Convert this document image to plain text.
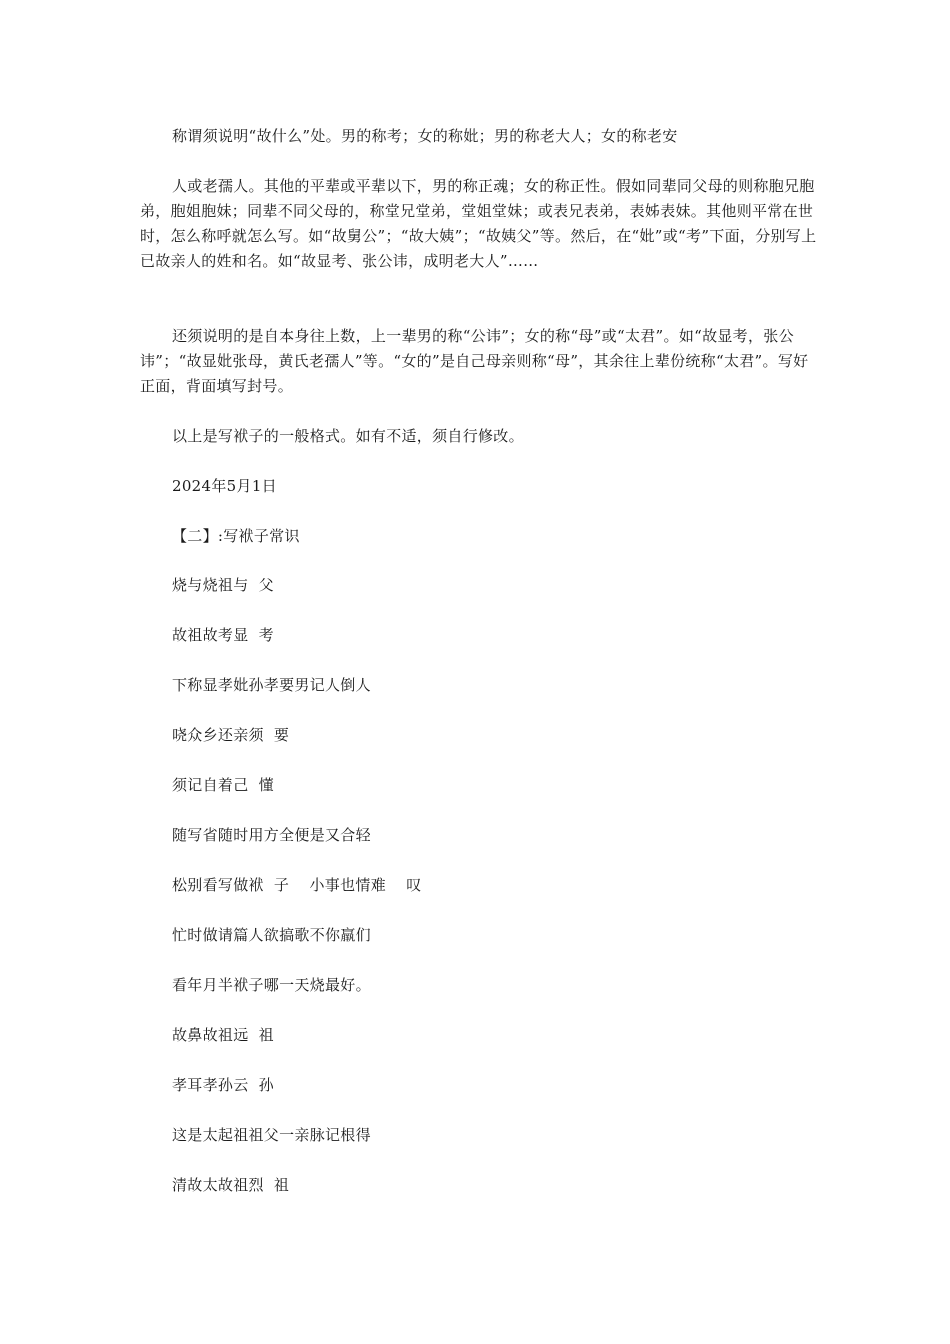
称谓须说明“故什么”处。男的称考；女的称妣；男的称老大人；女的称老安

人或老孺人。其他的平辈或平辈以下，男的称正魂；女的称正性。假如同辈同父母的则称胞兄胞弟，胞姐胞妹；同辈不同父母的，称堂兄堂弟，堂姐堂妹；或表兄表弟，表姊表妹。其他则平常在世时，怎么称呼就怎么写。如“故舅公”；“故大姨”；“故姨父”等。然后，在“妣”或“考”下面，分别写上已故亲人的姓和名。如“故显考、张公讳，成明老大人”……

还须说明的是自本身往上数，上一辈男的称“公讳”；女的称“母”或“太君”。如“故显考，张公讳”；“故显妣张母，黄氏老孺人”等。“女的”是自己母亲则称“母”，其余往上辈份统称“太君”。写好正面，背面填写封号。

以上是写袱子的一般格式。如有不适，须自行修改。

2024年5月1日

【二】:写袱子常识

烧与烧祖与  父

故祖故考显  考

下称显孝妣孙孝要男记人倒人

哓众乡还亲须  要

须记自着己  懂

随写省随时用方全便是又合轻

松别看写做袱  子    小事也情难    叹

忙时做请篇人欲搞歌不你羸们

看年月半袱子哪一天烧最好。

故鼻故祖远  祖

孝耳孝孙云  孙

这是太起祖祖父一亲脉记根得

清故太故祖烈  祖
